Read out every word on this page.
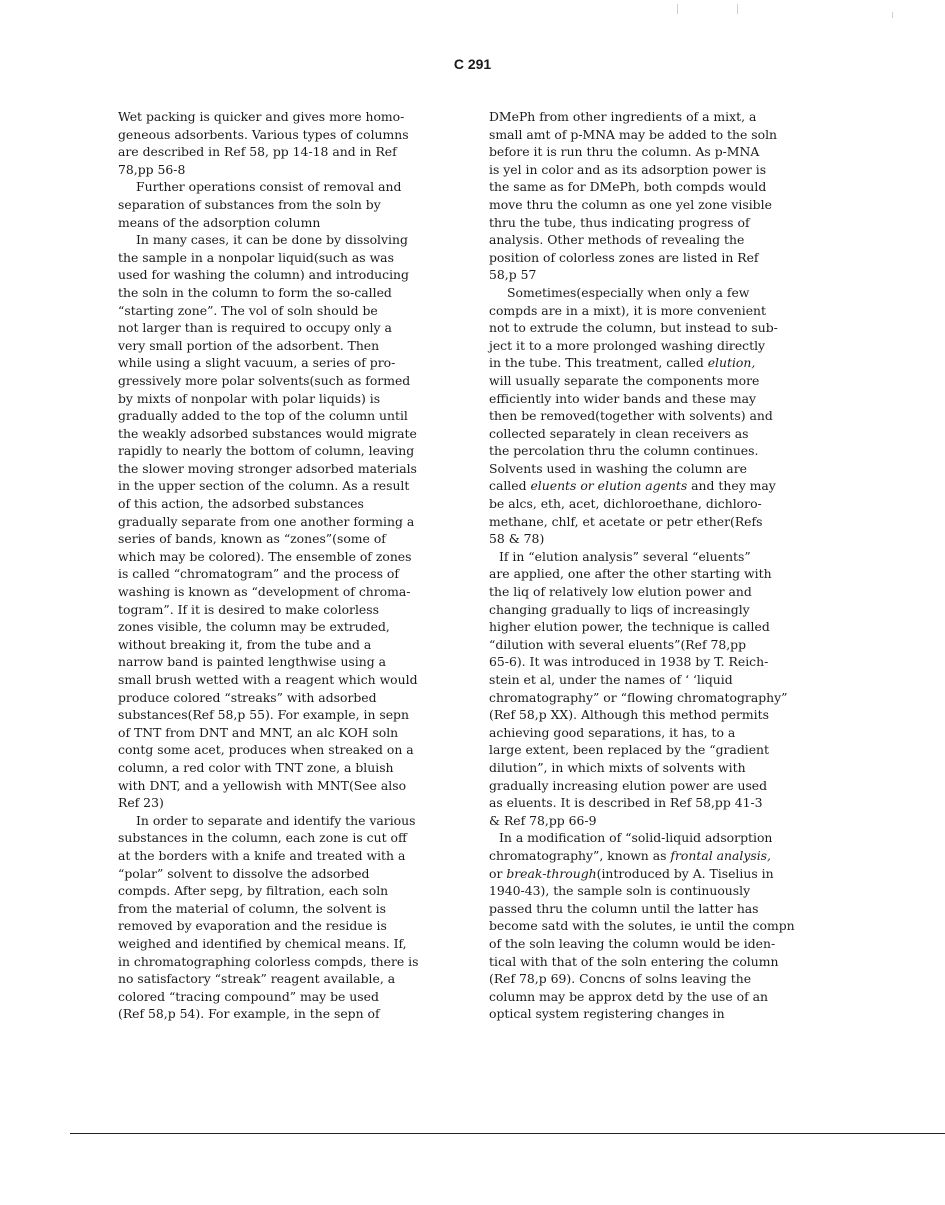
C 291
Wet packing is quicker and gives more homo-
geneous adsorbents. Various types of columns
are described in Ref 58, pp 14-18 and in Ref
78,pp 56-8
Further operations consist of removal and
separation of substances from the soln by
means of the adsorption column
In many cases, it can be done by dissolving
the sample in a nonpolar liquid(such as was
used for washing the column) and introducing
the soln in the column to form the so-called
“starting zone”. The vol of soln should be
not larger than is required to occupy only a
very small portion of the adsorbent. Then
while using a slight vacuum, a series of pro-
gressively more polar solvents(such as formed
by mixts of nonpolar with polar liquids) is
gradually added to the top of the column until
the weakly adsorbed substances would migrate
rapidly to nearly the bottom of column, leaving
the slower moving stronger adsorbed materials
in the upper section of the column. As a result
of this action, the adsorbed substances
gradually separate from one another forming a
series of bands, known as “zones”(some of
which may be colored). The ensemble of zones
is called “chromatogram” and the process of
washing is known as “development of chroma-
togram”. If it is desired to make colorless
zones visible, the column may be extruded,
without breaking it, from the tube and a
narrow band is painted lengthwise using a
small brush wetted with a reagent which would
produce colored “streaks” with adsorbed
substances(Ref 58,p 55). For example, in sepn
of TNT from DNT and MNT, an alc KOH soln
contg some acet, produces when streaked on a
column, a red color with TNT zone, a bluish
with DNT, and a yellowish with MNT(See also
Ref 23)
In order to separate and identify the various
substances in the column, each zone is cut off
at the borders with a knife and treated with a
“polar” solvent to dissolve the adsorbed
compds. After sepg, by filtration, each soln
from the material of column, the solvent is
removed by evaporation and the residue is
weighed and identified by chemical means. If,
in chromatographing colorless compds, there is
no satisfactory “streak” reagent available, a
colored “tracing compound” may be used
(Ref 58,p 54). For example, in the sepn of
DMePh from other ingredients of a mixt, a
small amt of p-MNA may be added to the soln
before it is run thru the column. As p-MNA
is yel in color and as its adsorption power is
the same as for DMePh, both compds would
move thru the column as one yel zone visible
thru the tube, thus indicating progress of
analysis. Other methods of revealing the
position of colorless zones are listed in Ref
58,p 57
Sometimes(especially when only a few
compds are in a mixt), it is more convenient
not to extrude the column, but instead to sub-
ject it to a more prolonged washing directly
in the tube. This treatment, called elution,
will usually separate the components more
efficiently into wider bands and these may
then be removed(together with solvents) and
collected separately in clean receivers as
the percolation thru the column continues.
Solvents used in washing the column are
called eluents or elution agents and they may
be alcs, eth, acet, dichloroethane, dichloro-
methane, chlf, et acetate or petr ether(Refs
58 & 78)
If in “elution analysis” several “eluents”
are applied, one after the other starting with
the liq of relatively low elution power and
changing gradually to liqs of increasingly
higher elution power, the technique is called
“dilution with several eluents”(Ref 78,pp
65-6). It was introduced in 1938 by T. Reich-
stein et al, under the names of ‘ ‘liquid
chromatography” or “flowing chromatography”
(Ref 58,p XX). Although this method permits
achieving good separations, it has, to a
large extent, been replaced by the “gradient
dilution”, in which mixts of solvents with
gradually increasing elution power are used
as eluents. It is described in Ref 58,pp 41-3
& Ref 78,pp 66-9
In a modification of “solid-liquid adsorption
chromatography”, known as frontal analysis,
or break-through(introduced by A. Tiselius in
1940-43), the sample soln is continuously
passed thru the column until the latter has
become satd with the solutes, ie until the compn
of the soln leaving the column would be iden-
tical with that of the soln entering the column
(Ref 78,p 69). Concns of solns leaving the
column may be approx detd by the use of an
optical system registering changes in
